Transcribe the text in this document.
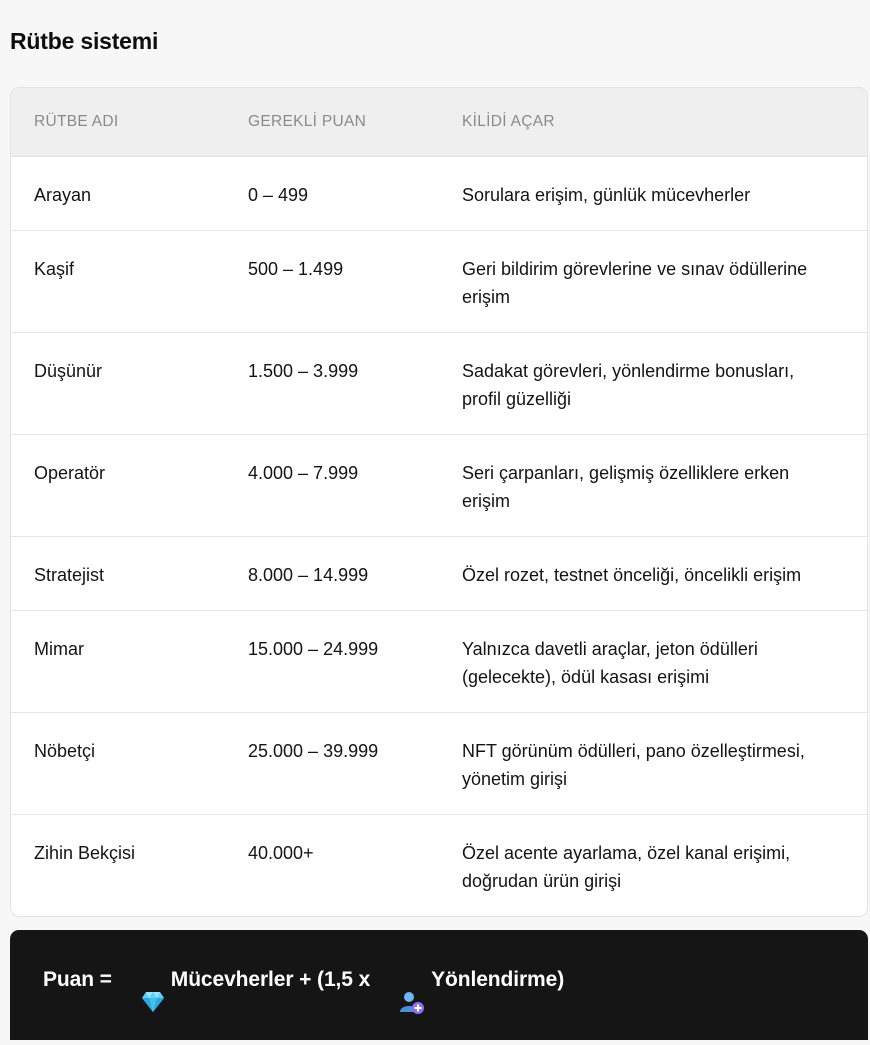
Rütbe sistemi
RÜTBE ADI	GEREKLİ PUAN	KİLİDİ AÇAR
Arayan	0 – 499	Sorulara erişim, günlük mücevherler
Kaşif	500 – 1.499	Geri bildirim görevlerine ve sınav ödüllerine erişim
Düşünür	1.500 – 3.999	Sadakat görevleri, yönlendirme bonusları, profil güzelliği
Operatör	4.000 – 7.999	Seri çarpanları, gelişmiş özelliklere erken erişim
Stratejist	8.000 – 14.999	Özel rozet, testnet önceliği, öncelikli erişim
Mimar	15.000 – 24.999	Yalnızca davetli araçlar, jeton ödülleri (gelecekte), ödül kasası erişimi
Nöbetçi	25.000 – 39.999	NFT görünüm ödülleri, pano özelleştirmesi, yönetim girişi
Zihin Bekçisi	40.000+	Özel acente ayarlama, özel kanal erişimi, doğrudan ürün girişi
Puan =

	Mücevherler + (1,5 x

	Yönlendirme)
